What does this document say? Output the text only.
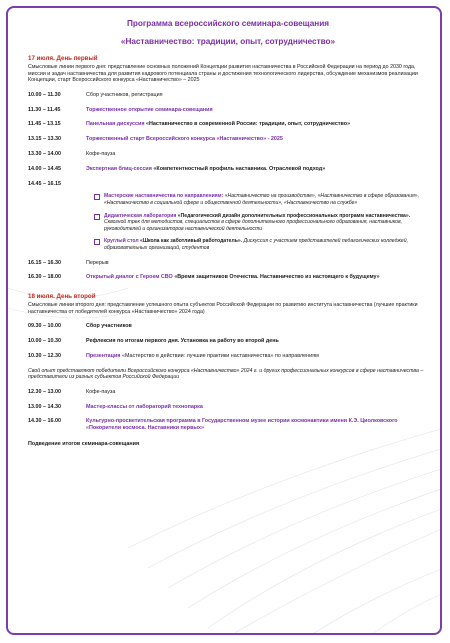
Программа всероссийского семинара-совещания

«Наставничество: традиции, опыт, сотрудничество»

17 июля. День первый
Смысловые линии первого дня: представление основных положений Концепции развития наставничества в Российской Федерации на период до 2030 года, миссии и задач наставничества для развития кадрового потенциала страны и достижения технологического лидерства, обсуждение механизмов реализации Концепции, старт Всероссийского конкурса «Наставничество» – 2025
10.00 – 11.30	Сбор участников, регистрация
11.30 – 11.45	Торжественное открытие семинара-совещания
11.45 – 13.15	Панельная дискуссия «Наставничество в современной России: традиции, опыт, сотрудничество»
13.15 – 13.30	Торжественный старт Всероссийского конкурса «Наставничество» - 2025
13.30 – 14.00	Кофе-пауза
14.00 – 14.45	Экспертная блиц-сессия «Компетентностный профиль наставника. Отраслевой подход»
14.45 – 16.15
Мастерские наставничества по направлениям: «Наставничество на производстве», «Наставничество в сфере образования», «Наставничество в социальной сфере и общественной деятельности», «Наставничество на службе»
Дидактическая лаборатория «Педагогический дизайн дополнительных профессиональных программ наставничества». Сквозной трек для методистов, специалистов в сфере дополнительного профессионального образования, наставников, руководителей и организаторов наставнической деятельности
Круглый стол «Школа как заботливый работодатель». Дискуссия с участием представителей педагогических колледжей, образовательных организаций, студентов
16.15 – 16.30	Перерыв
16.30 – 18.00	Открытый диалог с Героем СВО «Время защитников Отечества. Наставничество из настоящего к будущему»
18 июля. День второй
Смысловые линии второго дня: представление успешного опыта субъектов Российской Федерации по развитию института наставничества (лучшие практики наставничества от победителей конкурса «Наставничество» 2024 года)
09.30 – 10.00	Сбор участников
10.00 – 10.30	Рефлексия по итогам первого дня. Установка на работу во второй день
10.30 – 12.30	Презентация «Мастерство в действии: лучшие практики наставничества» по направлениям
Свой опыт представляют победители Всероссийского конкурса «Наставничество» 2024 г. и других профессиональных конкурсов в сфере наставничества – представители из разных субъектов Российской Федерации
12.30 – 13.00	Кофе-пауза
13.00 – 14.30	Мастер-классы от лабораторий технопарка
14.30 – 16.00	Культурно-просветительская программа в Государственном музее истории космонавтики имени К.Э. Циолковского «Покорители космоса. Наставники первых»
Подведение итогов семинара-совещания
